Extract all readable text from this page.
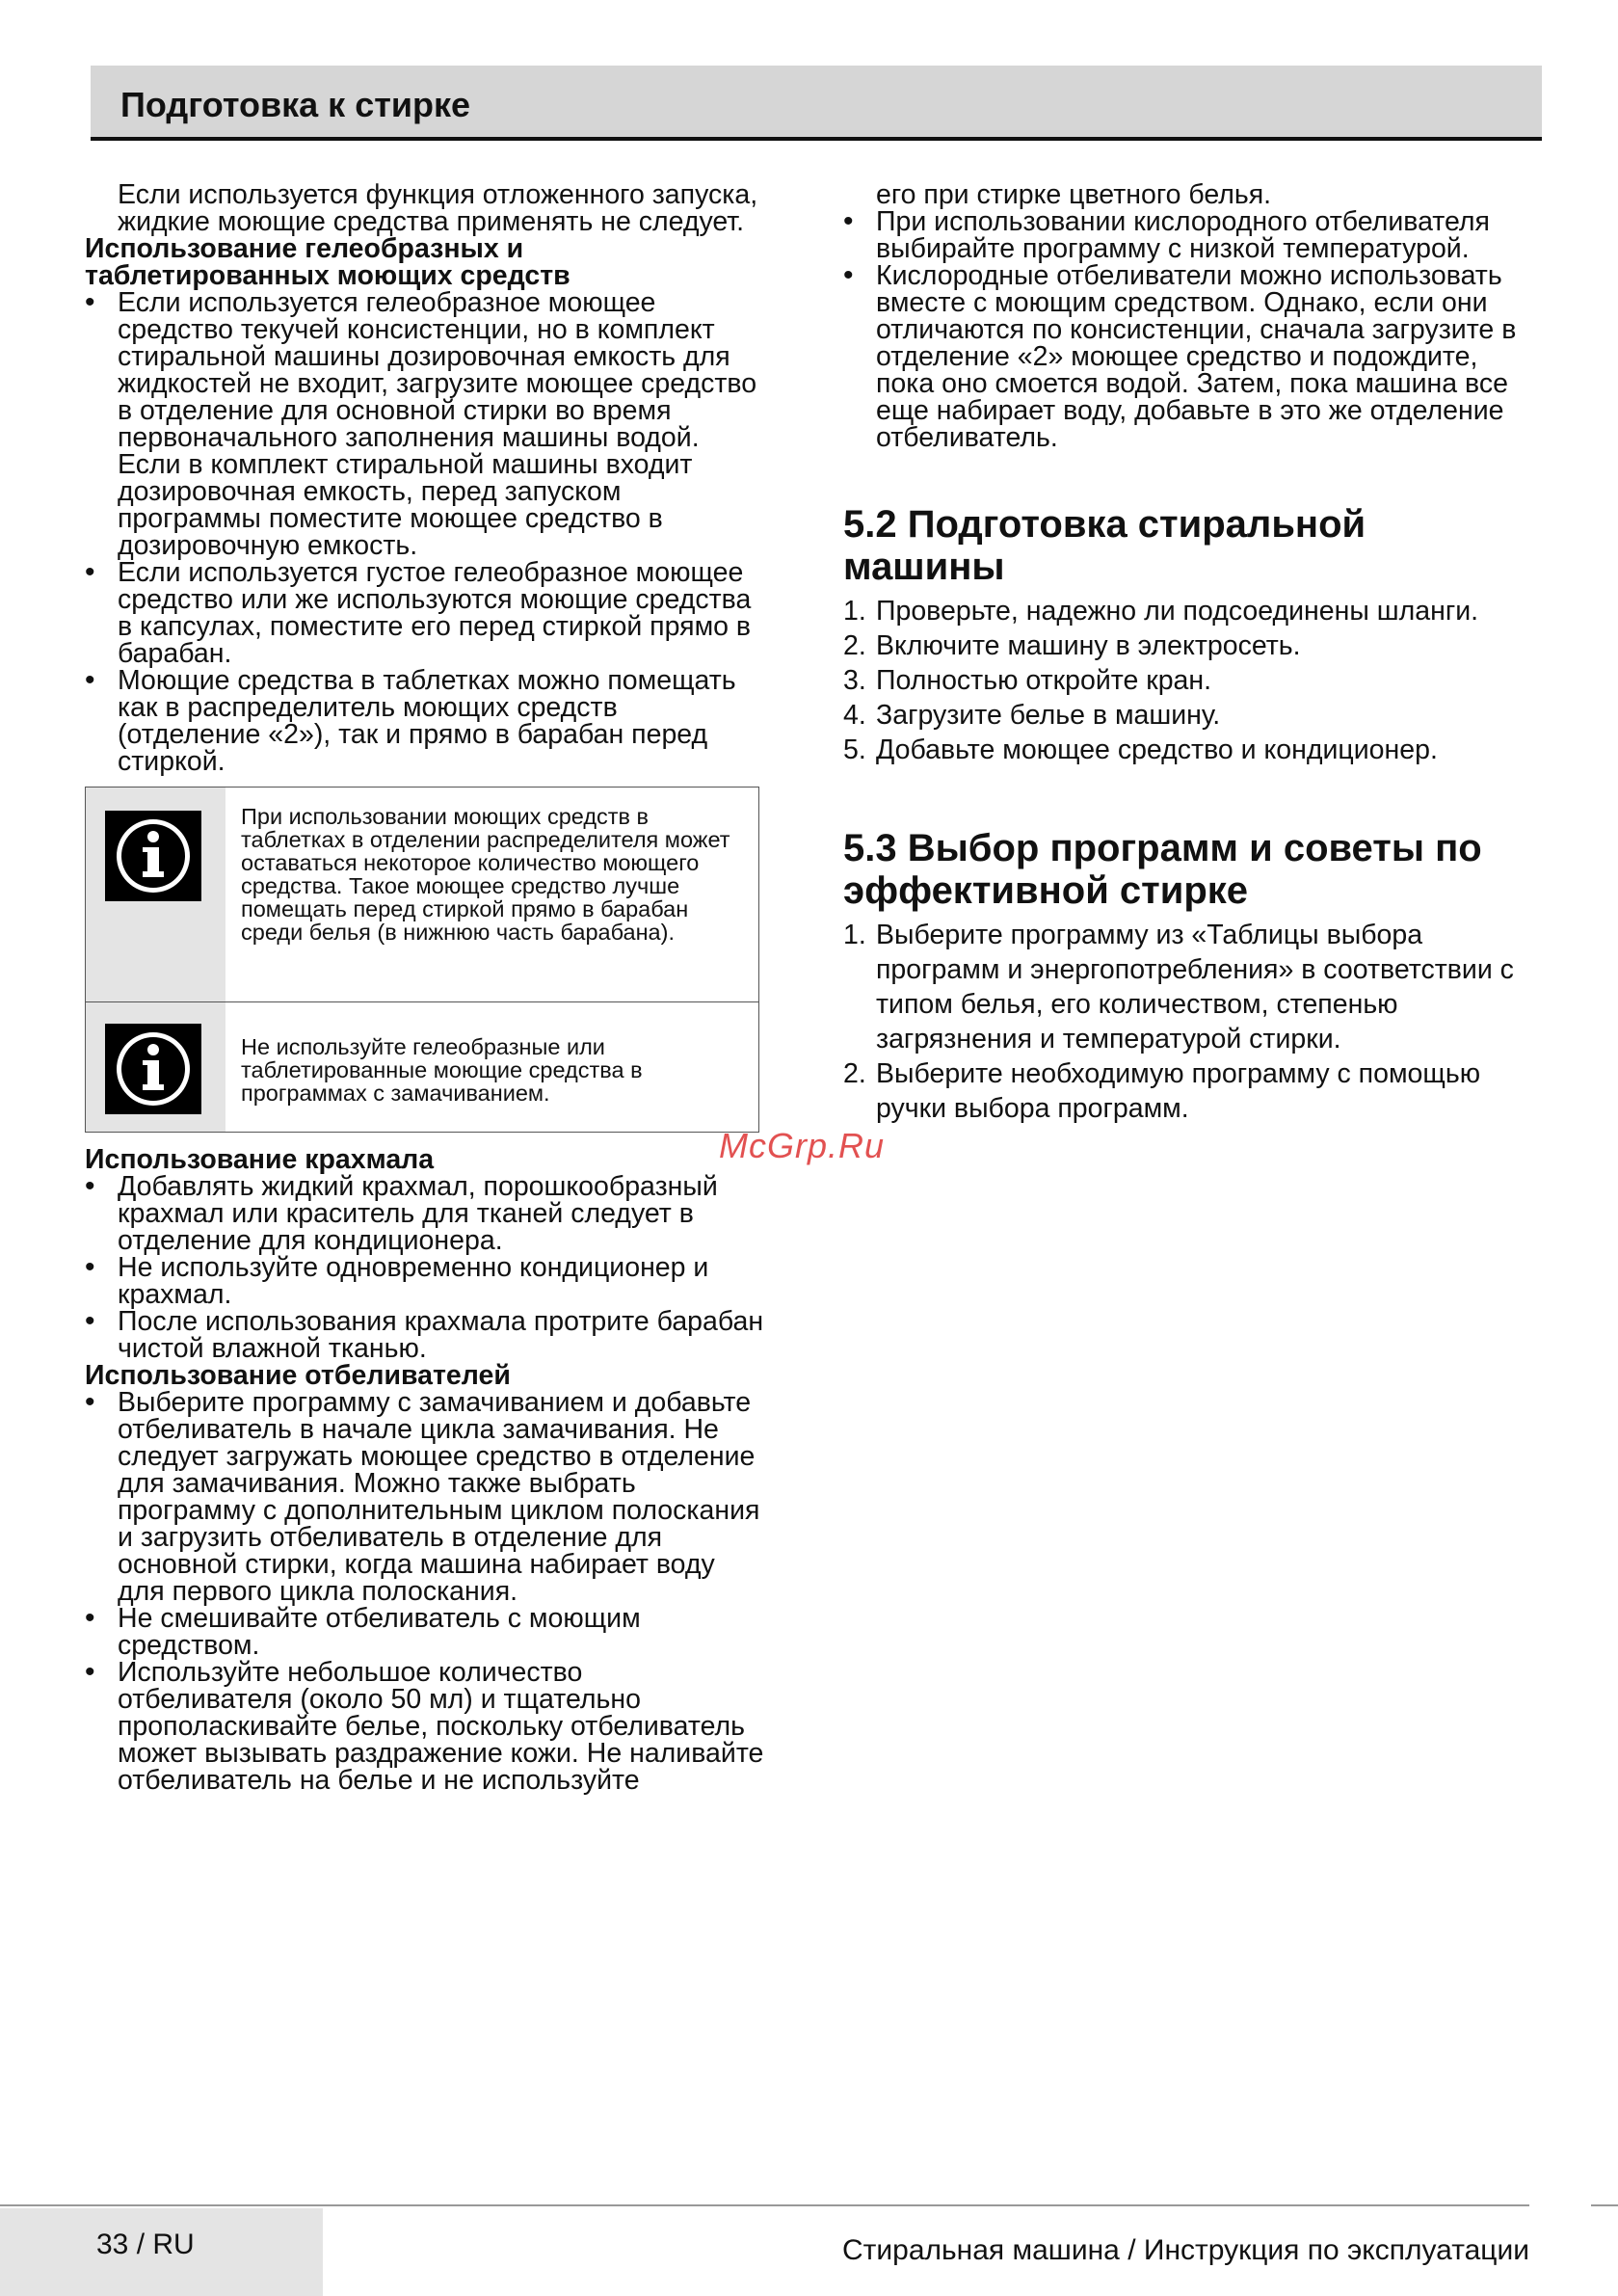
Подготовка к стирке

Если используется функция отложенного запуска, жидкие моющие средства применять не следует.

Использование гелеобразных и таблетированных моющих средств

• Если используется гелеобразное моющее средство текучей консистенции, но в комплект стиральной машины дозировочная емкость для жидкостей не входит, загрузите моющее средство в отделение для основной стирки во время первоначального заполнения машины водой. Если в комплект стиральной машины входит дозировочная емкость, перед запуском программы поместите моющее средство в дозировочную емкость.
• Если используется густое гелеобразное моющее средство или же используются моющие средства в капсулах, поместите его перед стиркой прямо в барабан.
• Моющие средства в таблетках можно помещать как в распределитель моющих средств (отделение «2»), так и прямо в барабан перед стиркой.
При использовании моющих средств в таблетках в отделении распределителя может оставаться некоторое количество моющего средства. Такое моющее средство лучше помещать перед стиркой прямо в барабан среди белья (в нижнюю часть барабана).
Не используйте гелеобразные или таблетированные моющие средства в программах с замачиванием.

Использование крахмала

• Добавлять жидкий крахмал, порошкообразный крахмал или краситель для тканей следует в отделение для кондиционера.
• Не используйте одновременно кондиционер и крахмал.
• После использования крахмала протрите барабан чистой влажной тканью.

Использование отбеливателей

• Выберите программу с замачиванием и добавьте отбеливатель в начале цикла замачивания. Не следует загружать моющее средство в отделение для замачивания. Можно также выбрать программу с дополнительным циклом полоскания и загрузить отбеливатель в отделение для основной стирки, когда машина набирает воду для первого цикла полоскания.
• Не смешивайте отбеливатель с моющим средством.
• Используйте небольшое количество отбеливателя (около 50 мл) и тщательно прополаскивайте белье, поскольку отбеливатель может вызывать раздражение кожи. Не наливайте отбеливатель на белье и не используйте

его при стирке цветного белья.

• При использовании кислородного отбеливателя выбирайте программу с низкой температурой.
• Кислородные отбеливатели можно использовать вместе с моющим средством. Однако, если они отличаются по консистенции, сначала загрузите в отделение «2» моющее средство и подождите, пока оно смоется водой. Затем, пока машина все еще набирает воду, добавьте в это же отделение отбеливатель.
5.2 Подготовка стиральной машины
1. Проверьте, надежно ли подсоединены шланги.
2. Включите машину в электросеть.
3. Полностью откройте кран.
4. Загрузите белье в машину.
5. Добавьте моющее средство и кондиционер.
5.3 Выбор программ и советы по эффективной стирке
1. Выберите программу из «Таблицы выбора программ и энергопотребления» в соответствии с типом белья, его количеством, степенью загрязнения и температурой стирки.
2. Выберите необходимую программу с помощью ручки выбора программ.
McGrp.Ru
33 / RU	Стиральная машина / Инструкция по эксплуатации
